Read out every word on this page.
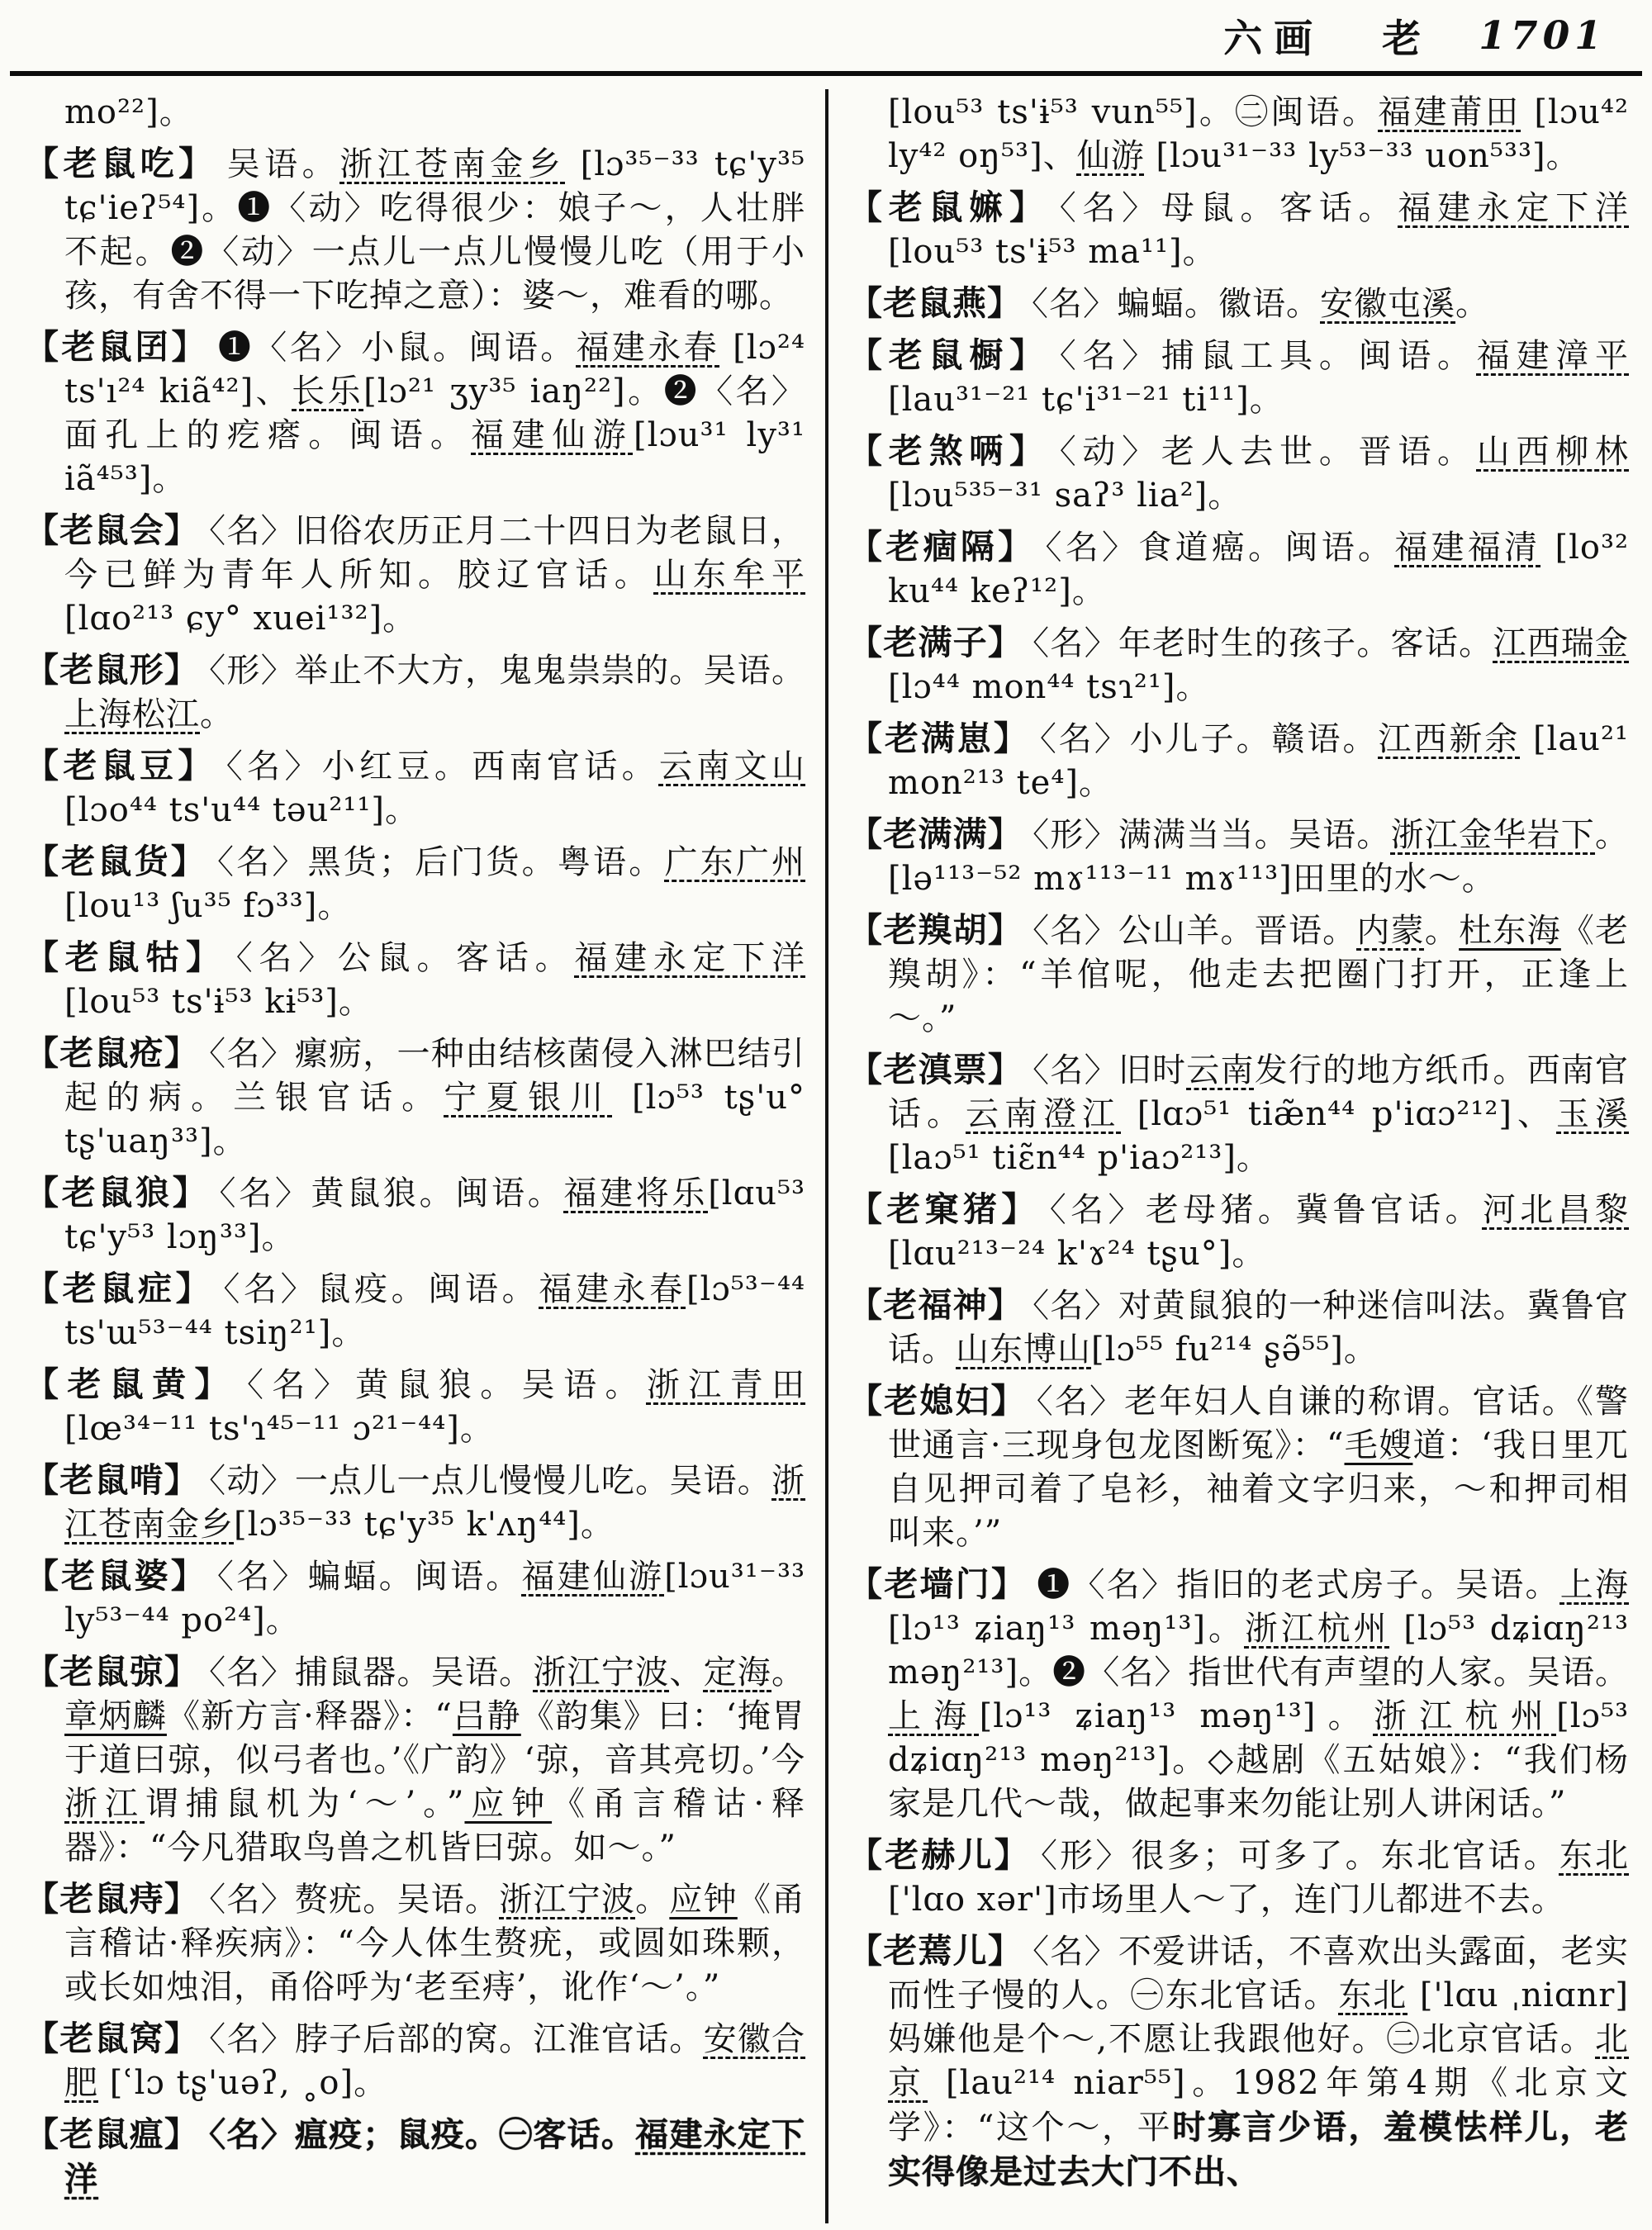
六画 老 1701

mo²²]。

【老鼠吃】 吴语。浙江苍南金乡 [lɔ³⁵⁻³³ tɕ'y³⁵ tɕ'ieʔ⁵⁴]。❶〈动〉吃得很少：娘子～，人壮胖不起。❷〈动〉一点儿一点儿慢慢儿吃（用于小孩，有舍不得一下吃掉之意）：婆～，难看的哪。

【老鼠囝】 ❶〈名〉小鼠。闽语。福建永春 [lɔ²⁴ ts'ı²⁴ kiã⁴²]、长乐[lɔ²¹ ʒy³⁵ iaŋ²²]。❷〈名〉面孔上的疙瘩。闽语。福建仙游[lɔu³¹ ly³¹ iã⁴⁵³]。

【老鼠会】 〈名〉旧俗农历正月二十四日为老鼠日，今已鲜为青年人所知。胶辽官话。山东牟平[lɑo²¹³ ɕy° xuei¹³²]。

【老鼠形】 〈形〉举止不大方，鬼鬼祟祟的。吴语。上海松江。

【老鼠豆】 〈名〉小红豆。西南官话。云南文山 [lɔo⁴⁴ ts'u⁴⁴ təu²¹¹]。

【老鼠货】 〈名〉黑货；后门货。粤语。广东广州 [lou¹³ ʃu³⁵ fɔ³³]。

【老鼠牯】 〈名〉公鼠。客话。福建永定下洋 [lou⁵³ ts'ɨ⁵³ kɨ⁵³]。

【老鼠疮】 〈名〉瘰疬，一种由结核菌侵入淋巴结引起的病。兰银官话。宁夏银川 [lɔ⁵³ tʂ'u° tʂ'uaŋ³³]。

【老鼠狼】 〈名〉黄鼠狼。闽语。福建将乐[lɑu⁵³ tɕ'y⁵³ lɔŋ³³]。

【老鼠症】 〈名〉鼠疫。闽语。福建永春[lɔ⁵³⁻⁴⁴ ts'ɯ⁵³⁻⁴⁴ tsiŋ²¹]。

【老鼠黄】 〈名〉黄鼠狼。吴语。浙江青田 [lœ³⁴⁻¹¹ ts'ɿ⁴⁵⁻¹¹ ɔ²¹⁻⁴⁴]。

【老鼠啃】 〈动〉一点儿一点儿慢慢儿吃。吴语。浙江苍南金乡[lɔ³⁵⁻³³ tɕ'y³⁵ k'ʌŋ⁴⁴]。

【老鼠婆】 〈名〉蝙蝠。闽语。福建仙游[lɔu³¹⁻³³ ly⁵³⁻⁴⁴ po²⁴]。

【老鼠弶】 〈名〉捕鼠器。吴语。浙江宁波、定海。章炳麟《新方言·释器》：“吕静《韵集》曰：‘掩胃于道曰弶，似弓者也。’《广韵》‘弶，音其亮切。’今浙江谓捕鼠机为‘～’。”应钟《甬言稽诂·释器》：“今凡猎取鸟兽之机皆曰弶。如～。”

【老鼠痔】 〈名〉赘疣。吴语。浙江宁波。应钟《甬言稽诂·释疾病》：“今人体生赘疣，或圆如珠颗，或长如烛泪，甬俗呼为‘老至痔’，讹作‘～’。”

【老鼠窝】 〈名〉脖子后部的窝。江淮官话。安徽合肥 [ʿlɔ tʂ'uəʔ, ˳o]。

【老鼠瘟】 〈名〉瘟疫；鼠疫。㊀客话。福建永定下洋

[lou⁵³ ts'ɨ⁵³ vun⁵⁵]。㊁闽语。福建莆田 [lɔu⁴² ly⁴² oŋ⁵³]、仙游 [lɔu³¹⁻³³ ly⁵³⁻³³ uon⁵³³]。

【老鼠嫲】 〈名〉母鼠。客话。福建永定下洋 [lou⁵³ ts'ɨ⁵³ ma¹¹]。

【老鼠燕】 〈名〉蝙蝠。徽语。安徽屯溪。

【老鼠橱】 〈名〉捕鼠工具。闽语。福建漳平[lau³¹⁻²¹ tɕ'i³¹⁻²¹ ti¹¹]。

【老煞唡】 〈动〉老人去世。晋语。山西柳林[lɔu⁵³⁵⁻³¹ saʔ³ lia²]。

【老痼隔】 〈名〉食道癌。闽语。福建福清 [lo³² ku⁴⁴ keʔ¹²]。

【老满子】 〈名〉年老时生的孩子。客话。江西瑞金[lɔ⁴⁴ mon⁴⁴ tsɿ²¹]。

【老满崽】 〈名〉小儿子。赣语。江西新余 [lau²¹ mon²¹³ te⁴]。

【老满满】 〈形〉满满当当。吴语。浙江金华岩下。[lə¹¹³⁻⁵² mɤ¹¹³⁻¹¹ mɤ¹¹³]田里的水～。

【老䍹胡】 〈名〉公山羊。晋语。内蒙。杜东海《老䍹胡》：“羊倌呢，他走去把圈门打开，正逢上～。”

【老滇票】 〈名〉旧时云南发行的地方纸币。西南官话。云南澄江 [lɑɔ⁵¹ tiæ̃n⁴⁴ p'iɑɔ²¹²]、玉溪 [laɔ⁵¹ tiɛ̃n⁴⁴ p'iaɔ²¹³]。

【老窠猪】 〈名〉老母猪。冀鲁官话。河北昌黎[lɑu²¹³⁻²⁴ k'ɤ²⁴ tʂu°]。

【老福神】 〈名〉对黄鼠狼的一种迷信叫法。冀鲁官话。山东博山[lɔ⁵⁵ fu²¹⁴ ʂə̃⁵⁵]。

【老媳妇】 〈名〉老年妇人自谦的称谓。官话。《警世通言·三现身包龙图断冤》：“毛嫂道：‘我日里兀自见押司着了皂衫，袖着文字归来，～和押司相叫来。’”

【老墙门】 ❶〈名〉指旧的老式房子。吴语。上海 [lɔ¹³ ʑiaŋ¹³ məŋ¹³]。浙江杭州 [lɔ⁵³ dʑiɑŋ²¹³ məŋ²¹³]。❷〈名〉指世代有声望的人家。吴语。上海[lɔ¹³ ʑiaŋ¹³ məŋ¹³]。浙江杭州[lɔ⁵³ dʑiɑŋ²¹³ məŋ²¹³]。◇越剧《五姑娘》：“我们杨家是几代～哉，做起事来勿能让别人讲闲话。”

【老赫儿】 〈形〉很多；可多了。东北官话。东北['lɑo xər']市场里人～了，连门儿都进不去。

【老蔫儿】 〈名〉不爱讲话，不喜欢出头露面，老实而性子慢的人。㊀东北官话。东北 ['lɑu ˌniɑnr]妈嫌他是个～,不愿让我跟他好。㊁北京官话。北京 [lau²¹⁴ niar⁵⁵]。1982年第4期《北京文学》：“这个～，平时寡言少语，羞模怯样儿，老实得像是过去大门不出、
